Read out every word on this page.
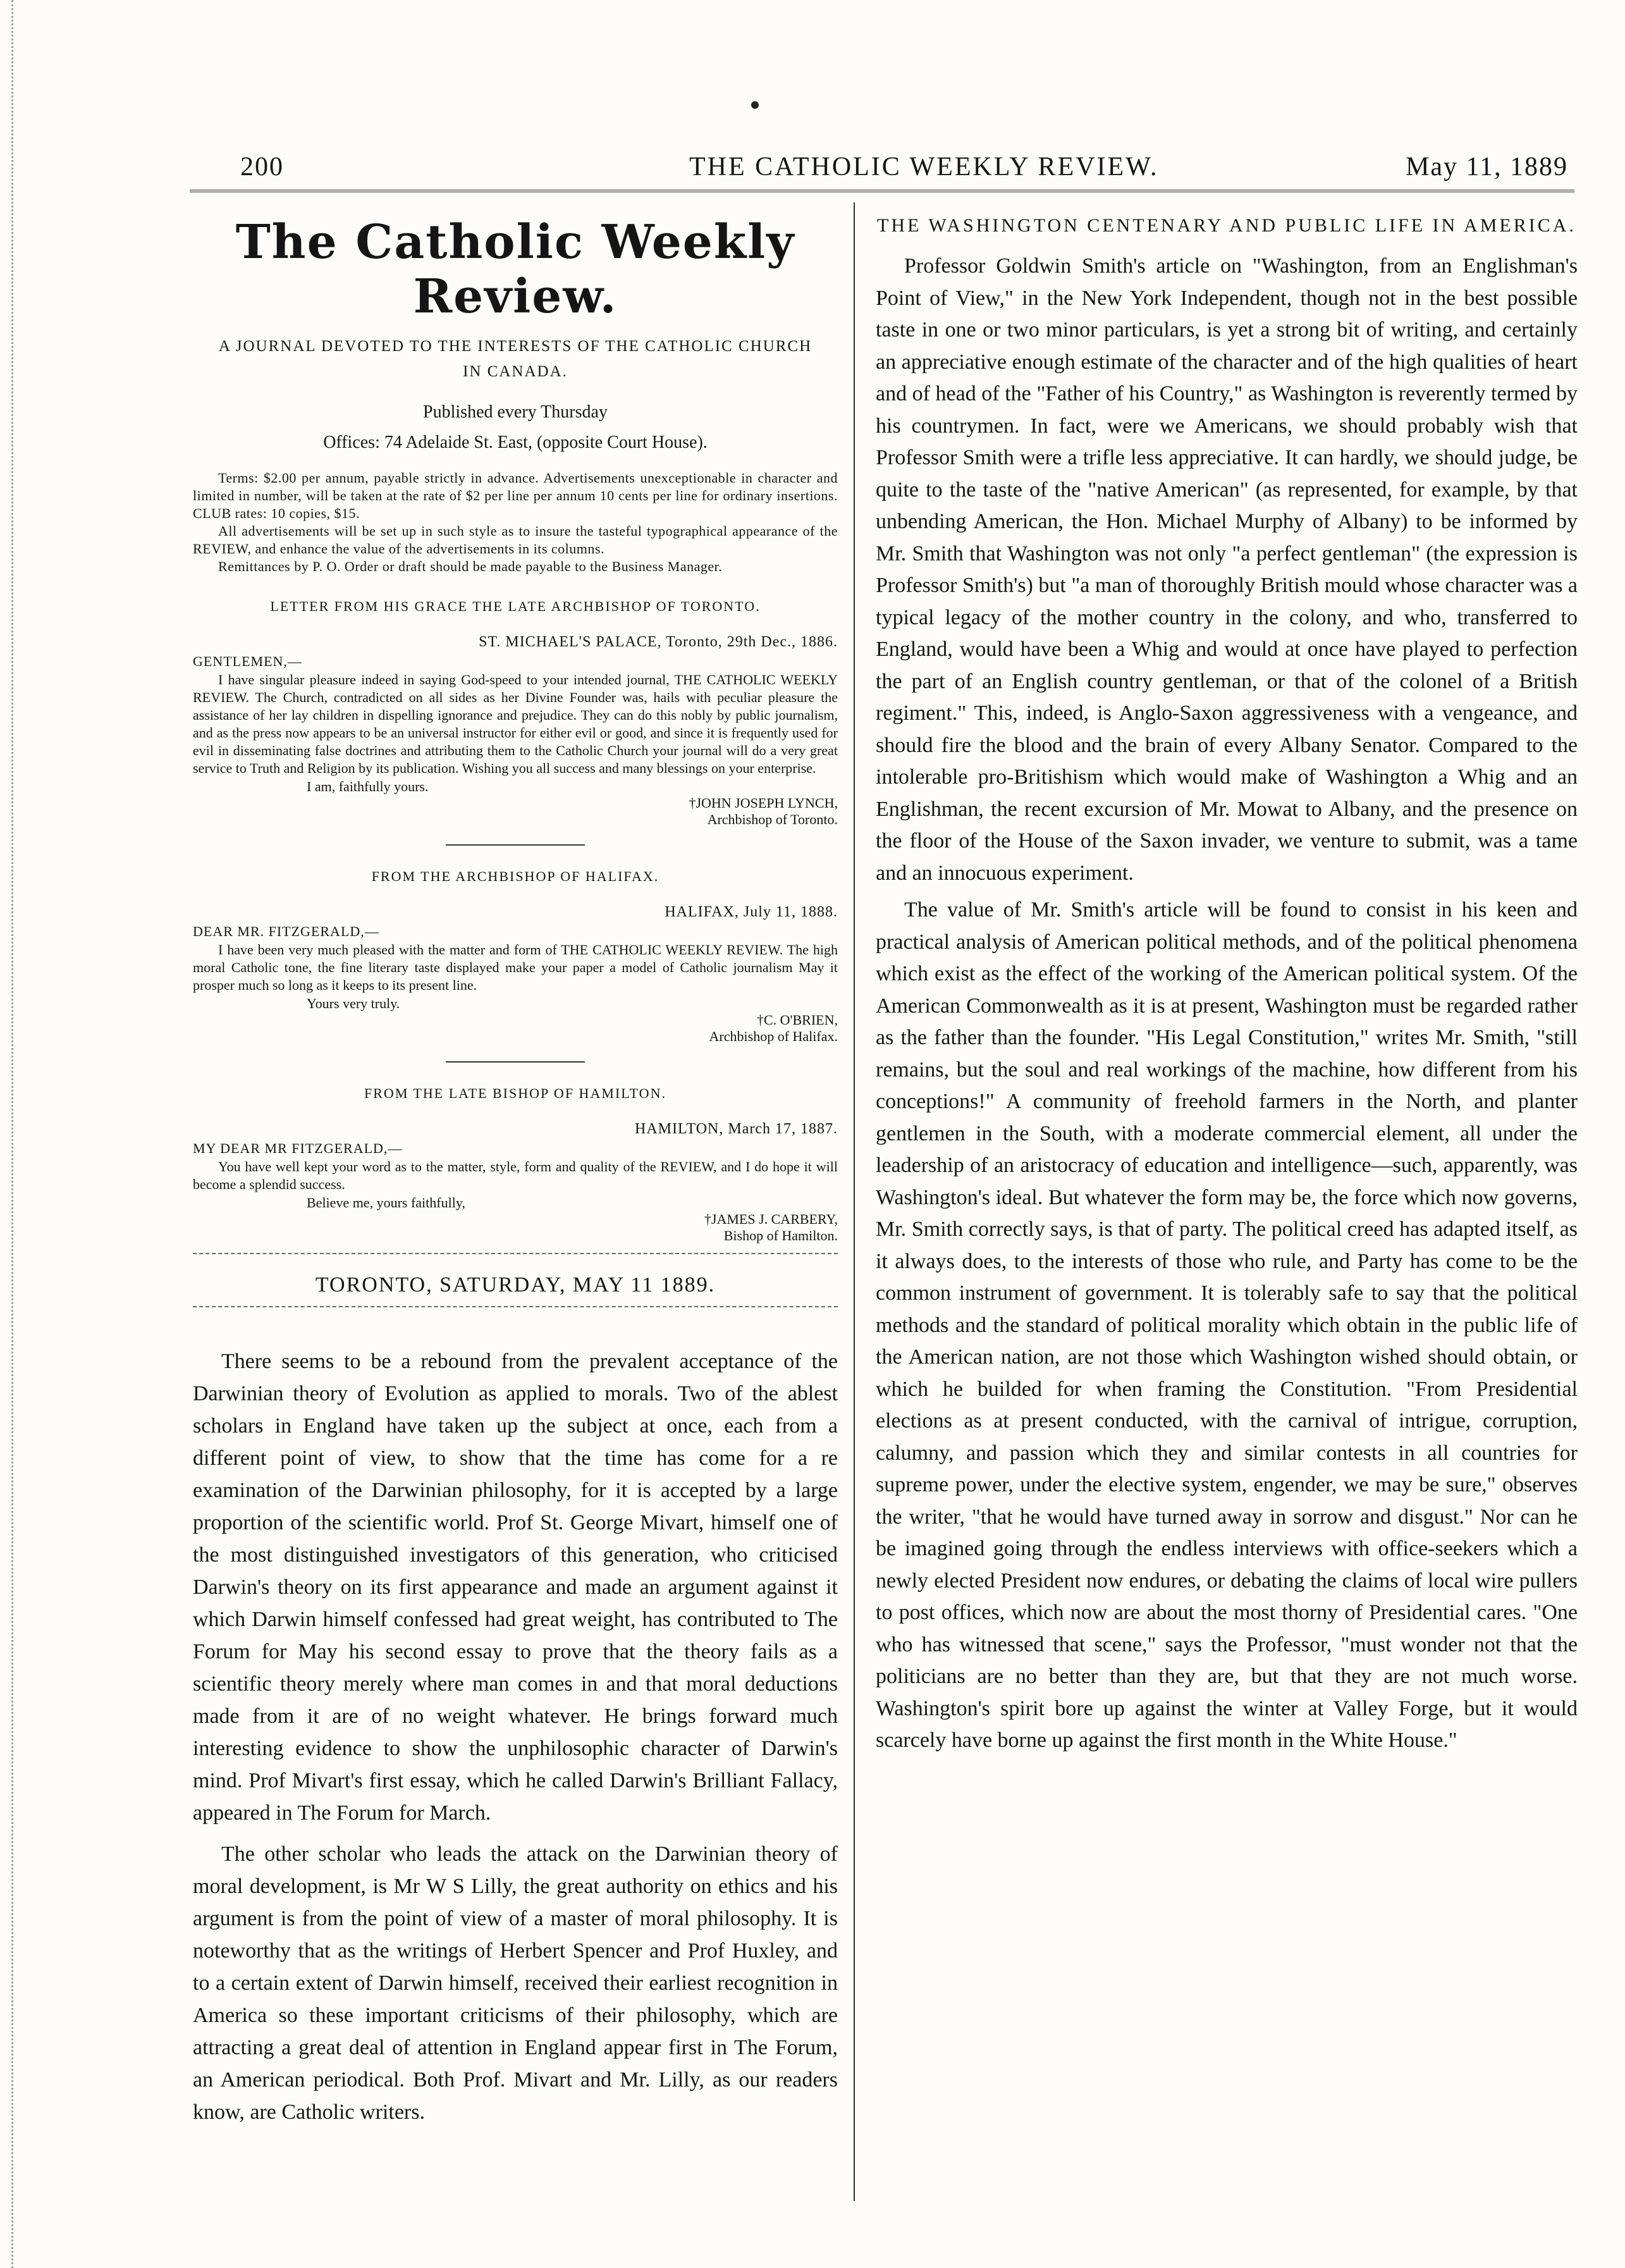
200	THE CATHOLIC WEEKLY REVIEW.	May 11, 1889
The Catholic Weekly Review.
A JOURNAL DEVOTED TO THE INTERESTS OF THE CATHOLIC CHURCH IN CANADA.
Published every Thursday
Offices: 74 Adelaide St. East, (opposite Court House).

Terms: $2.00 per annum, payable strictly in advance. Advertisements unexceptionable in character and limited in number, will be taken at the rate of $2 per line per annum 10 cents per line for ordinary insertions. CLUB rates: 10 copies, $15.

All advertisements will be set up in such style as to insure the tasteful typographical appearance of the REVIEW, and enhance the value of the advertisements in its columns.

Remittances by P. O. Order or draft should be made payable to the Business Manager.

LETTER FROM HIS GRACE THE LATE ARCHBISHOP OF TORONTO.
ST. MICHAEL'S PALACE, Toronto, 29th Dec., 1886.
GENTLEMEN,—
I have singular pleasure indeed in saying God-speed to your intended journal, THE CATHOLIC WEEKLY REVIEW. The Church, contradicted on all sides as her Divine Founder was, hails with peculiar pleasure the assistance of her lay children in dispelling ignorance and prejudice. They can do this nobly by public journalism, and as the press now appears to be an universal instructor for either evil or good, and since it is frequently used for evil in disseminating false doctrines and attributing them to the Catholic Church your journal will do a very great service to Truth and Religion by its publication. Wishing you all success and many blessings on your enterprise.
I am, faithfully yours.
†JOHN JOSEPH LYNCH,
Archbishop of Toronto.
FROM THE ARCHBISHOP OF HALIFAX.
HALIFAX, July 11, 1888.
DEAR MR. FITZGERALD,—
I have been very much pleased with the matter and form of THE CATHOLIC WEEKLY REVIEW. The high moral Catholic tone, the fine literary taste displayed make your paper a model of Catholic journalism May it prosper much so long as it keeps to its present line.
Yours very truly.
†C. O'BRIEN,
Archbishop of Halifax.
FROM THE LATE BISHOP OF HAMILTON.
HAMILTON, March 17, 1887.
MY DEAR MR FITZGERALD,—
You have well kept your word as to the matter, style, form and quality of the REVIEW, and I do hope it will become a splendid success.
Believe me, yours faithfully,
†JAMES J. CARBERY,
Bishop of Hamilton.
TORONTO, SATURDAY, MAY 11 1889.

There seems to be a rebound from the prevalent acceptance of the Darwinian theory of Evolution as applied to morals. Two of the ablest scholars in England have taken up the subject at once, each from a different point of view, to show that the time has come for a re examination of the Darwinian philosophy, for it is accepted by a large proportion of the scientific world. Prof St. George Mivart, himself one of the most distinguished investigators of this generation, who criticised Darwin's theory on its first appearance and made an argument against it which Darwin himself confessed had great weight, has contributed to The Forum for May his second essay to prove that the theory fails as a scientific theory merely where man comes in and that moral deductions made from it are of no weight whatever. He brings forward much interesting evidence to show the unphilosophic character of Darwin's mind. Prof Mivart's first essay, which he called Darwin's Brilliant Fallacy, appeared in The Forum for March.

The other scholar who leads the attack on the Darwinian theory of moral development, is Mr W S Lilly, the great authority on ethics and his argument is from the point of view of a master of moral philosophy. It is noteworthy that as the writings of Herbert Spencer and Prof Huxley, and to a certain extent of Darwin himself, received their earliest recognition in America so these important criticisms of their philosophy, which are attracting a great deal of attention in England appear first in The Forum, an American periodical. Both Prof. Mivart and Mr. Lilly, as our readers know, are Catholic writers.

THE WASHINGTON CENTENARY AND PUBLIC LIFE IN AMERICA.

Professor Goldwin Smith's article on "Washington, from an Englishman's Point of View," in the New York Independent, though not in the best possible taste in one or two minor particulars, is yet a strong bit of writing, and certainly an appreciative enough estimate of the character and of the high qualities of heart and of head of the "Father of his Country," as Washington is reverently termed by his countrymen. In fact, were we Americans, we should probably wish that Professor Smith were a trifle less appreciative. It can hardly, we should judge, be quite to the taste of the "native American" (as represented, for example, by that unbending American, the Hon. Michael Murphy of Albany) to be informed by Mr. Smith that Washington was not only "a perfect gentleman" (the expression is Professor Smith's) but "a man of thoroughly British mould whose character was a typical legacy of the mother country in the colony, and who, transferred to England, would have been a Whig and would at once have played to perfection the part of an English country gentleman, or that of the colonel of a British regiment." This, indeed, is Anglo-Saxon aggressiveness with a vengeance, and should fire the blood and the brain of every Albany Senator. Compared to the intolerable pro-Britishism which would make of Washington a Whig and an Englishman, the recent excursion of Mr. Mowat to Albany, and the presence on the floor of the House of the Saxon invader, we venture to submit, was a tame and an innocuous experiment.

The value of Mr. Smith's article will be found to consist in his keen and practical analysis of American political methods, and of the political phenomena which exist as the effect of the working of the American political system. Of the American Commonwealth as it is at present, Washington must be regarded rather as the father than the founder. "His Legal Constitution," writes Mr. Smith, "still remains, but the soul and real workings of the machine, how different from his conceptions!" A community of freehold farmers in the North, and planter gentlemen in the South, with a moderate commercial element, all under the leadership of an aristocracy of education and intelligence—such, apparently, was Washington's ideal. But whatever the form may be, the force which now governs, Mr. Smith correctly says, is that of party. The political creed has adapted itself, as it always does, to the interests of those who rule, and Party has come to be the common instrument of government. It is tolerably safe to say that the political methods and the standard of political morality which obtain in the public life of the American nation, are not those which Washington wished should obtain, or which he builded for when framing the Constitution. "From Presidential elections as at present conducted, with the carnival of intrigue, corruption, calumny, and passion which they and similar contests in all countries for supreme power, under the elective system, engender, we may be sure," observes the writer, "that he would have turned away in sorrow and disgust." Nor can he be imagined going through the endless interviews with office-seekers which a newly elected President now endures, or debating the claims of local wire pullers to post offices, which now are about the most thorny of Presidential cares. "One who has witnessed that scene," says the Professor, "must wonder not that the politicians are no better than they are, but that they are not much worse. Washington's spirit bore up against the winter at Valley Forge, but it would scarcely have borne up against the first month in the White House."
